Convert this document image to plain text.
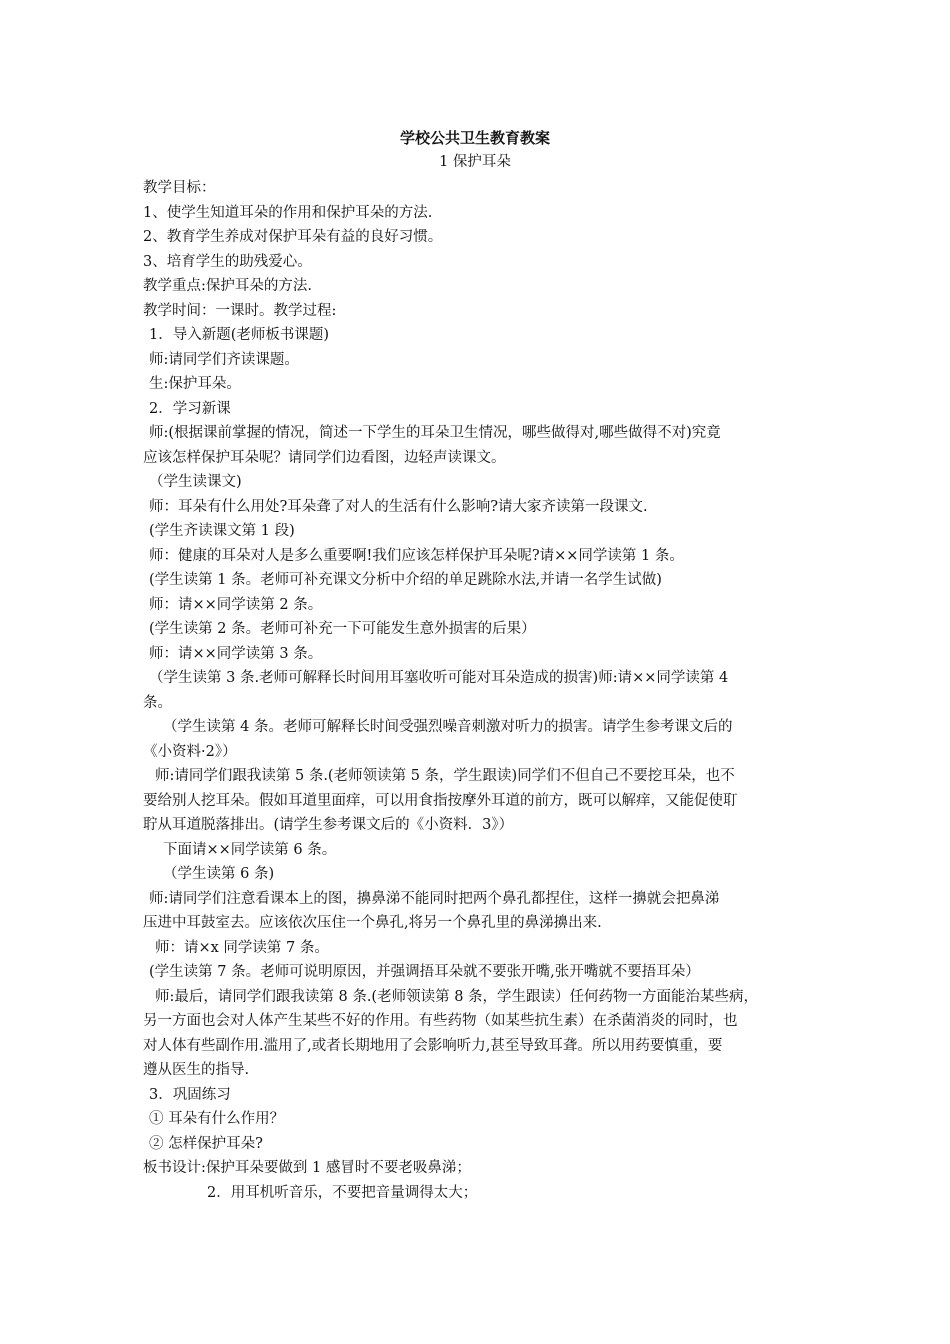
学校公共卫生教育教案
1 保护耳朵
教学目标：
1、使学生知道耳朵的作用和保护耳朵的方法.
2、教育学生养成对保护耳朵有益的良好习惯。
3、培育学生的助残爱心。
教学重点:保护耳朵的方法.
教学时间：一课时。教学过程:
1．导入新题(老师板书课题)
师:请同学们齐读课题。
生:保护耳朵。
2．学习新课
师:(根据课前掌握的情况，简述一下学生的耳朵卫生情况，哪些做得对,哪些做得不对)究竟
应该怎样保护耳朵呢？请同学们边看图，边轻声读课文。
（学生读课文)
师：耳朵有什么用处?耳朵聋了对人的生活有什么影响?请大家齐读第一段课文.
(学生齐读课文第 1 段)
师：健康的耳朵对人是多么重要啊!我们应该怎样保护耳朵呢?请××同学读第 1 条。
(学生读第 1 条。老师可补充课文分析中介绍的单足跳除水法,并请一名学生试做)
师：请××同学读第 2 条。
(学生读第 2 条。老师可补充一下可能发生意外损害的后果）
师：请××同学读第 3 条。
（学生读第 3 条.老师可解释长时间用耳塞收听可能对耳朵造成的损害)师:请××同学读第 4
条。
（学生读第 4 条。老师可解释长时间受强烈噪音刺激对听力的损害。请学生参考课文后的
《小资料·2》）
师:请同学们跟我读第 5 条.(老师领读第 5 条，学生跟读)同学们不但自己不要挖耳朵，也不
要给别人挖耳朵。假如耳道里面痒，可以用食指按摩外耳道的前方，既可以解痒，又能促使耵
聍从耳道脱落排出。(请学生参考课文后的《小资料．3》）
下面请××同学读第 6 条。
（学生读第 6 条)
师:请同学们注意看课本上的图，擤鼻涕不能同时把两个鼻孔都捏住，这样一擤就会把鼻涕
压进中耳鼓室去。应该依次压住一个鼻孔,将另一个鼻孔里的鼻涕擤出来.
师：请×x 同学读第 7 条。
(学生读第 7 条。老师可说明原因，并强调捂耳朵就不要张开嘴,张开嘴就不要捂耳朵）
师:最后，请同学们跟我读第 8 条.(老师领读第 8 条，学生跟读）任何药物一方面能治某些病，
另一方面也会对人体产生某些不好的作用。有些药物（如某些抗生素）在杀菌消炎的同时，也
对人体有些副作用.滥用了,或者长期地用了会影响听力,甚至导致耳聋。所以用药要慎重，要
遵从医生的指导.
3．巩固练习
① 耳朵有什么作用？
② 怎样保护耳朵?
板书设计:保护耳朵要做到 1 感冒时不要老吸鼻涕；
2．用耳机听音乐，不要把音量调得太大；
